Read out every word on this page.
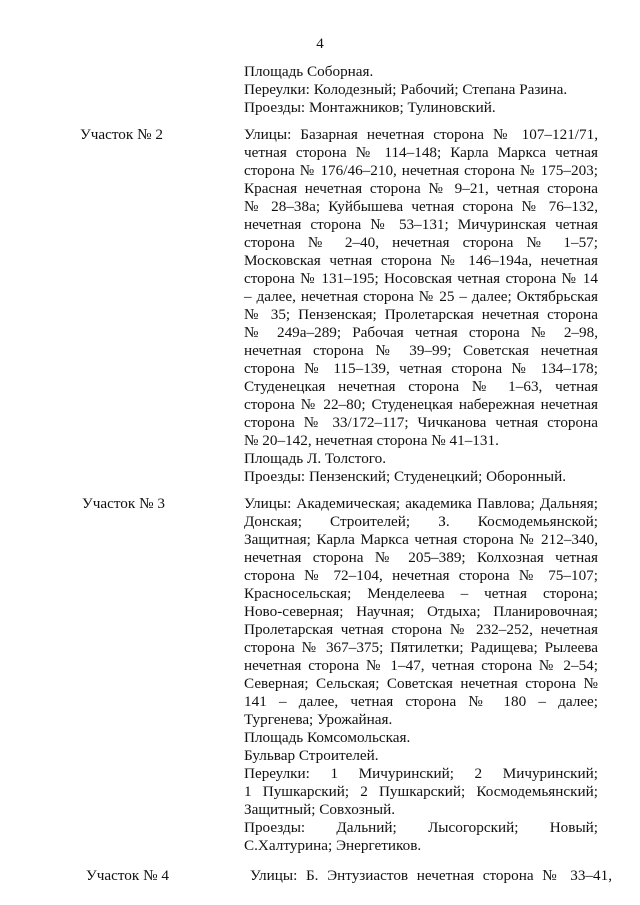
4
Площадь Соборная.
Переулки: Колодезный; Рабочий; Степана Разина.
Проезды: Монтажников; Тулиновский.
Участок № 2	Улицы: Базарная нечетная сторона № 107–121/71,
четная сторона № 114–148; Карла Маркса четная
сторона № 176/46–210, нечетная сторона № 175–203;
Красная нечетная сторона № 9–21, четная сторона
№ 28–38а; Куйбышева четная сторона № 76–132,
нечетная сторона № 53–131; Мичуринская четная
сторона № 2–40, нечетная сторона № 1–57;
Московская четная сторона № 146–194а, нечетная
сторона № 131–195; Носовская четная сторона № 14
– далее, нечетная сторона № 25 – далее; Октябрьская
№ 35; Пензенская; Пролетарская нечетная сторона
№ 249а–289; Рабочая четная сторона № 2–98,
нечетная сторона № 39–99; Советская нечетная
сторона № 115–139, четная сторона № 134–178;
Студенецкая нечетная сторона № 1–63, четная
сторона № 22–80; Студенецкая набережная нечетная
сторона № 33/172–117; Чичканова четная сторона
№ 20–142, нечетная сторона № 41–131.
Площадь Л. Толстого.
Проезды: Пензенский; Студенецкий; Оборонный.
Участок № 3	Улицы: Академическая; академика Павлова; Дальняя;
Донская; Строителей; З. Космодемьянской;
Защитная; Карла Маркса четная сторона № 212–340,
нечетная сторона № 205–389; Колхозная четная
сторона № 72–104, нечетная сторона № 75–107;
Красносельская; Менделеева – четная сторона;
Ново-северная; Научная; Отдыха; Планировочная;
Пролетарская четная сторона № 232–252, нечетная
сторона № 367–375; Пятилетки; Радищева; Рылеева
нечетная сторона № 1–47, четная сторона № 2–54;
Северная; Сельская; Советская нечетная сторона №
141 – далее, четная сторона № 180 – далее;
Тургенева; Урожайная.
Площадь Комсомольская.
Бульвар Строителей.
Переулки: 1 Мичуринский; 2 Мичуринский;
1 Пушкарский; 2 Пушкарский; Космодемьянский;
Защитный; Совхозный.
Проезды: Дальний; Лысогорский; Новый;
С.Халтурина; Энергетиков.
Участок № 4	Улицы: Б. Энтузиастов нечетная сторона № 33–41,
